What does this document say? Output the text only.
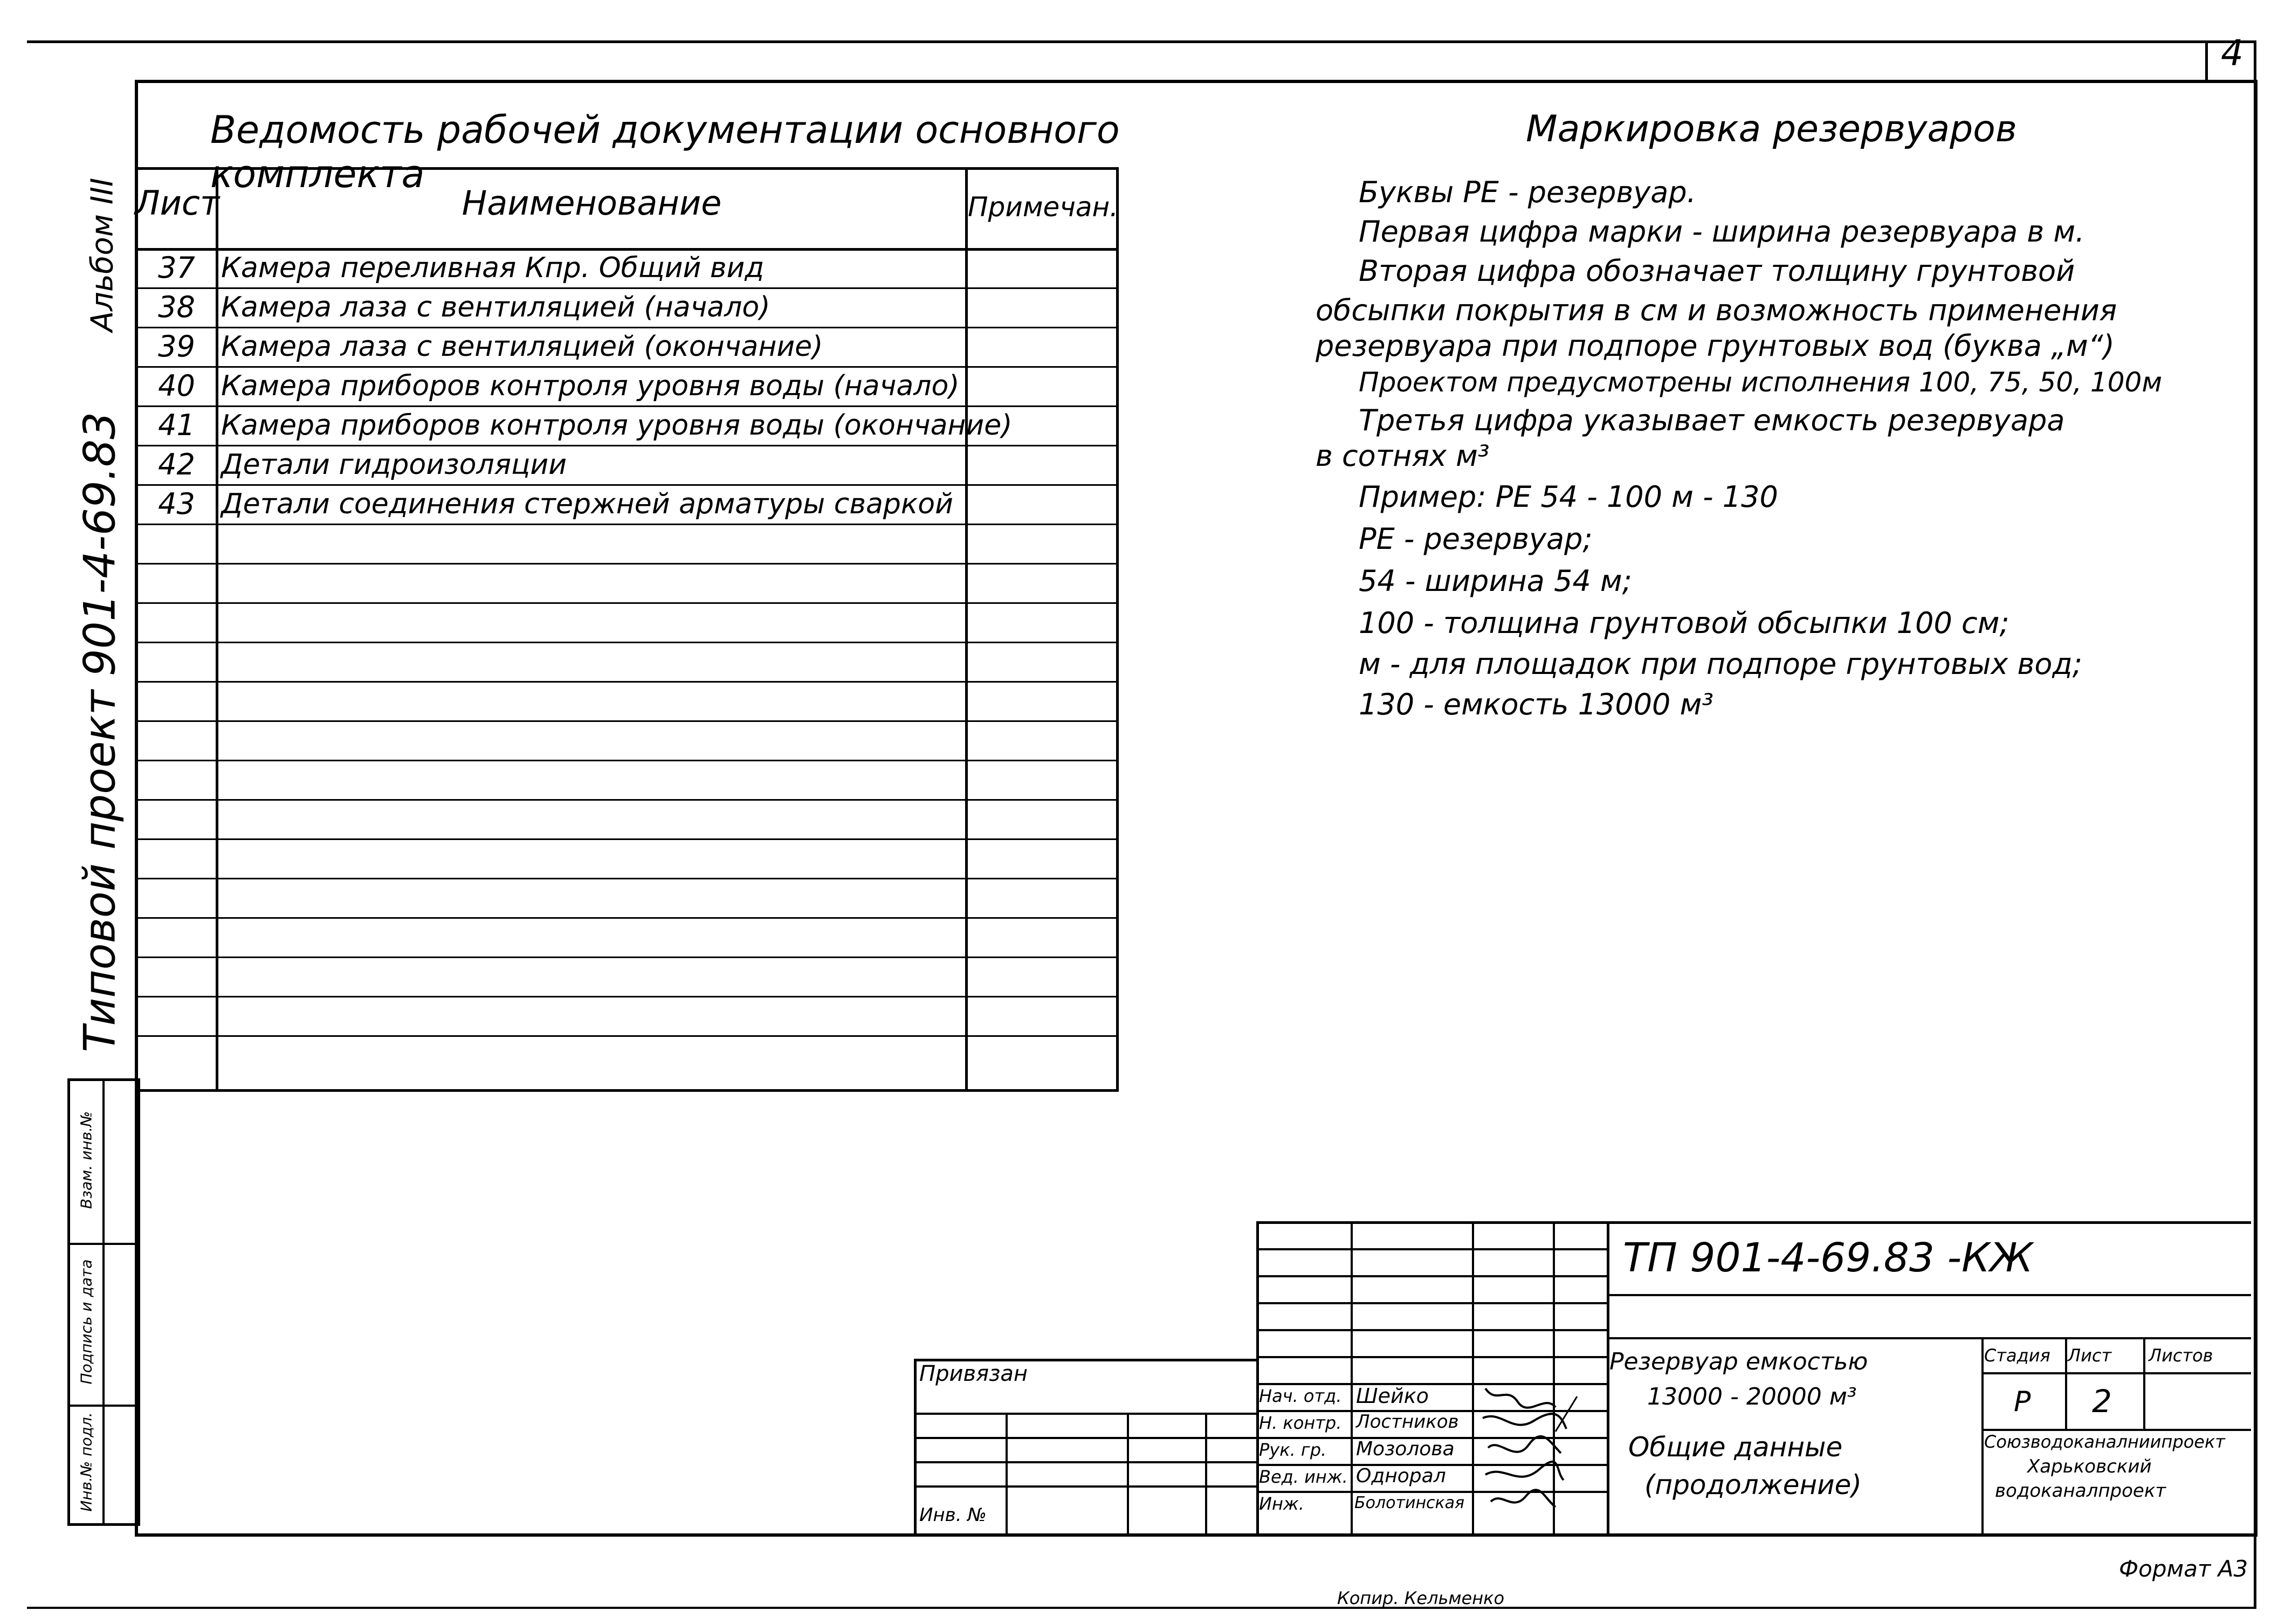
4
Альбом III
Типовой проект 901-4-69.83
Взам. инв.№
Подпись и дата
Инв.№ подл.
Ведомость рабочей документации основного комплекта
Лист	Наименование	Примечан.
37 Камера переливная Кпр. Общий вид
38 Камера лаза с вентиляцией (начало)
39 Камера лаза с вентиляцией (окончание)
40 Камера приборов контроля уровня воды (начало)
41 Камера приборов контроля уровня воды (окончание)
42 Детали гидроизоляции
43 Детали соединения стержней арматуры сваркой
Маркировка резервуаров
Буквы РЕ - резервуар.
Первая цифра марки - ширина резервуара в м.
Вторая цифра обозначает толщину грунтовой
обсыпки покрытия в см и возможность применения
резервуара при подпоре грунтовых вод (буква „м“)
Проектом предусмотрены исполнения 100, 75, 50, 100м
Третья цифра указывает емкость резервуара
в сотнях м³
Пример: РЕ 54 - 100 м - 130
РЕ - резервуар;
54 - ширина 54 м;
100 - толщина грунтовой обсыпки 100 см;
м - для площадок при подпоре грунтовых вод;
130 - емкость 13000 м³
Привязан
Инв. №
Нач. отд. Шейко
Н. контр. Лостников
Рук. гр. Мозолова
Вед. инж. Однорал
Инж.	Болотинская
ТП 901-4-69.83 -КЖ
Резервуар емкостью
13000 - 20000 м³
Общие данные
(продолжение)
Стадия Лист Листов
Р 2
Союзводоканалниипроект
Харьковский
водоканалпроект
Формат А3
Копир. Кельменко
